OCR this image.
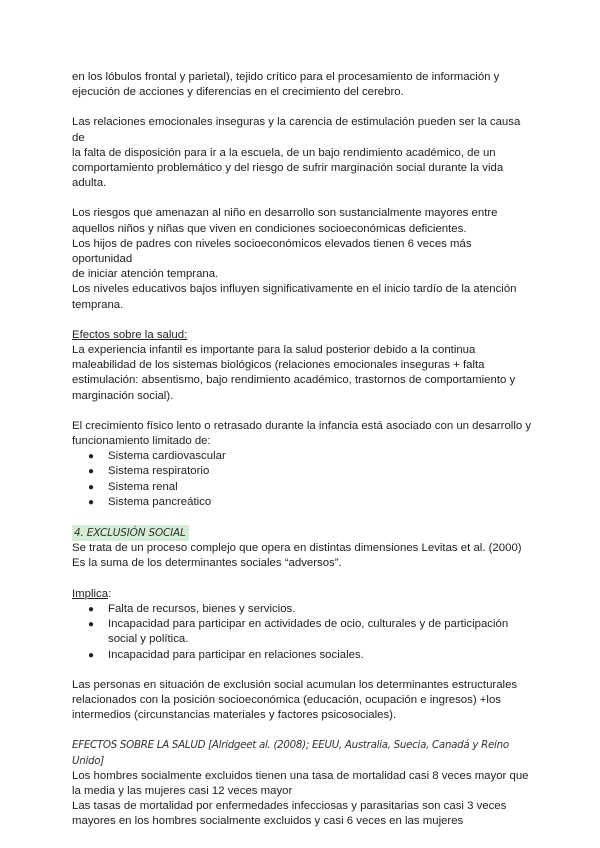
en los lóbulos frontal y parietal), tejido crítico para el procesamiento de información y
ejecución de acciones y diferencias en el crecimiento del cerebro.

Las relaciones emocionales inseguras y la carencia de estimulación pueden ser la causa de
la falta de disposición para ir a la escuela, de un bajo rendimiento académico, de un
comportamiento problemático y del riesgo de sufrir marginación social durante la vida
adulta.

Los riesgos que amenazan al niño en desarrollo son sustancialmente mayores entre
aquellos niños y niñas que viven en condiciones socioeconómicas deficientes.
Los hijos de padres con niveles socioeconómicos elevados tienen 6 veces más oportunidad
de iniciar atención temprana.
Los niveles educativos bajos influyen significativamente en el inicio tardío de la atención
temprana.

Efectos sobre la salud:
La experiencia infantil es importante para la salud posterior debido a la continua
maleabilidad de los sistemas biológicos (relaciones emocionales inseguras + falta
estimulación: absentismo, bajo rendimiento académico, trastornos de comportamiento y
marginación social).

El crecimiento físico lento o retrasado durante la infancia está asociado con un desarrollo y
funcionamiento limitado de:

● Sistema cardiovascular
● Sistema respiratorio
● Sistema renal
● Sistema pancreático
4. EXCLUSIÓN SOCIAL

Se trata de un proceso complejo que opera en distintas dimensiones Levitas et al. (2000)
Es la suma de los determinantes sociales “adversos”.

Implica:

● Falta de recursos, bienes y servicios.
● Incapacidad para participar en actividades de ocio, culturales y de participación
social y política.
● Incapacidad para participar en relaciones sociales.

Las personas en situación de exclusión social acumulan los determinantes estructurales
relacionados con la posición socioeconómica (educación, ocupación e ingresos) +los
intermedios (circunstancias materiales y factores psicosociales).

EFECTOS SOBRE LA SALUD [Alridgeet al. (2008); EEUU, Australia, Suecia, Canadá y Reino Unido]

Los hombres socialmente excluidos tienen una tasa de mortalidad casi 8 veces mayor que
la media y las mujeres casi 12 veces mayor
Las tasas de mortalidad por enfermedades infecciosas y parasitarias son casi 3 veces
mayores en los hombres socialmente excluidos y casi 6 veces en las mujeres
